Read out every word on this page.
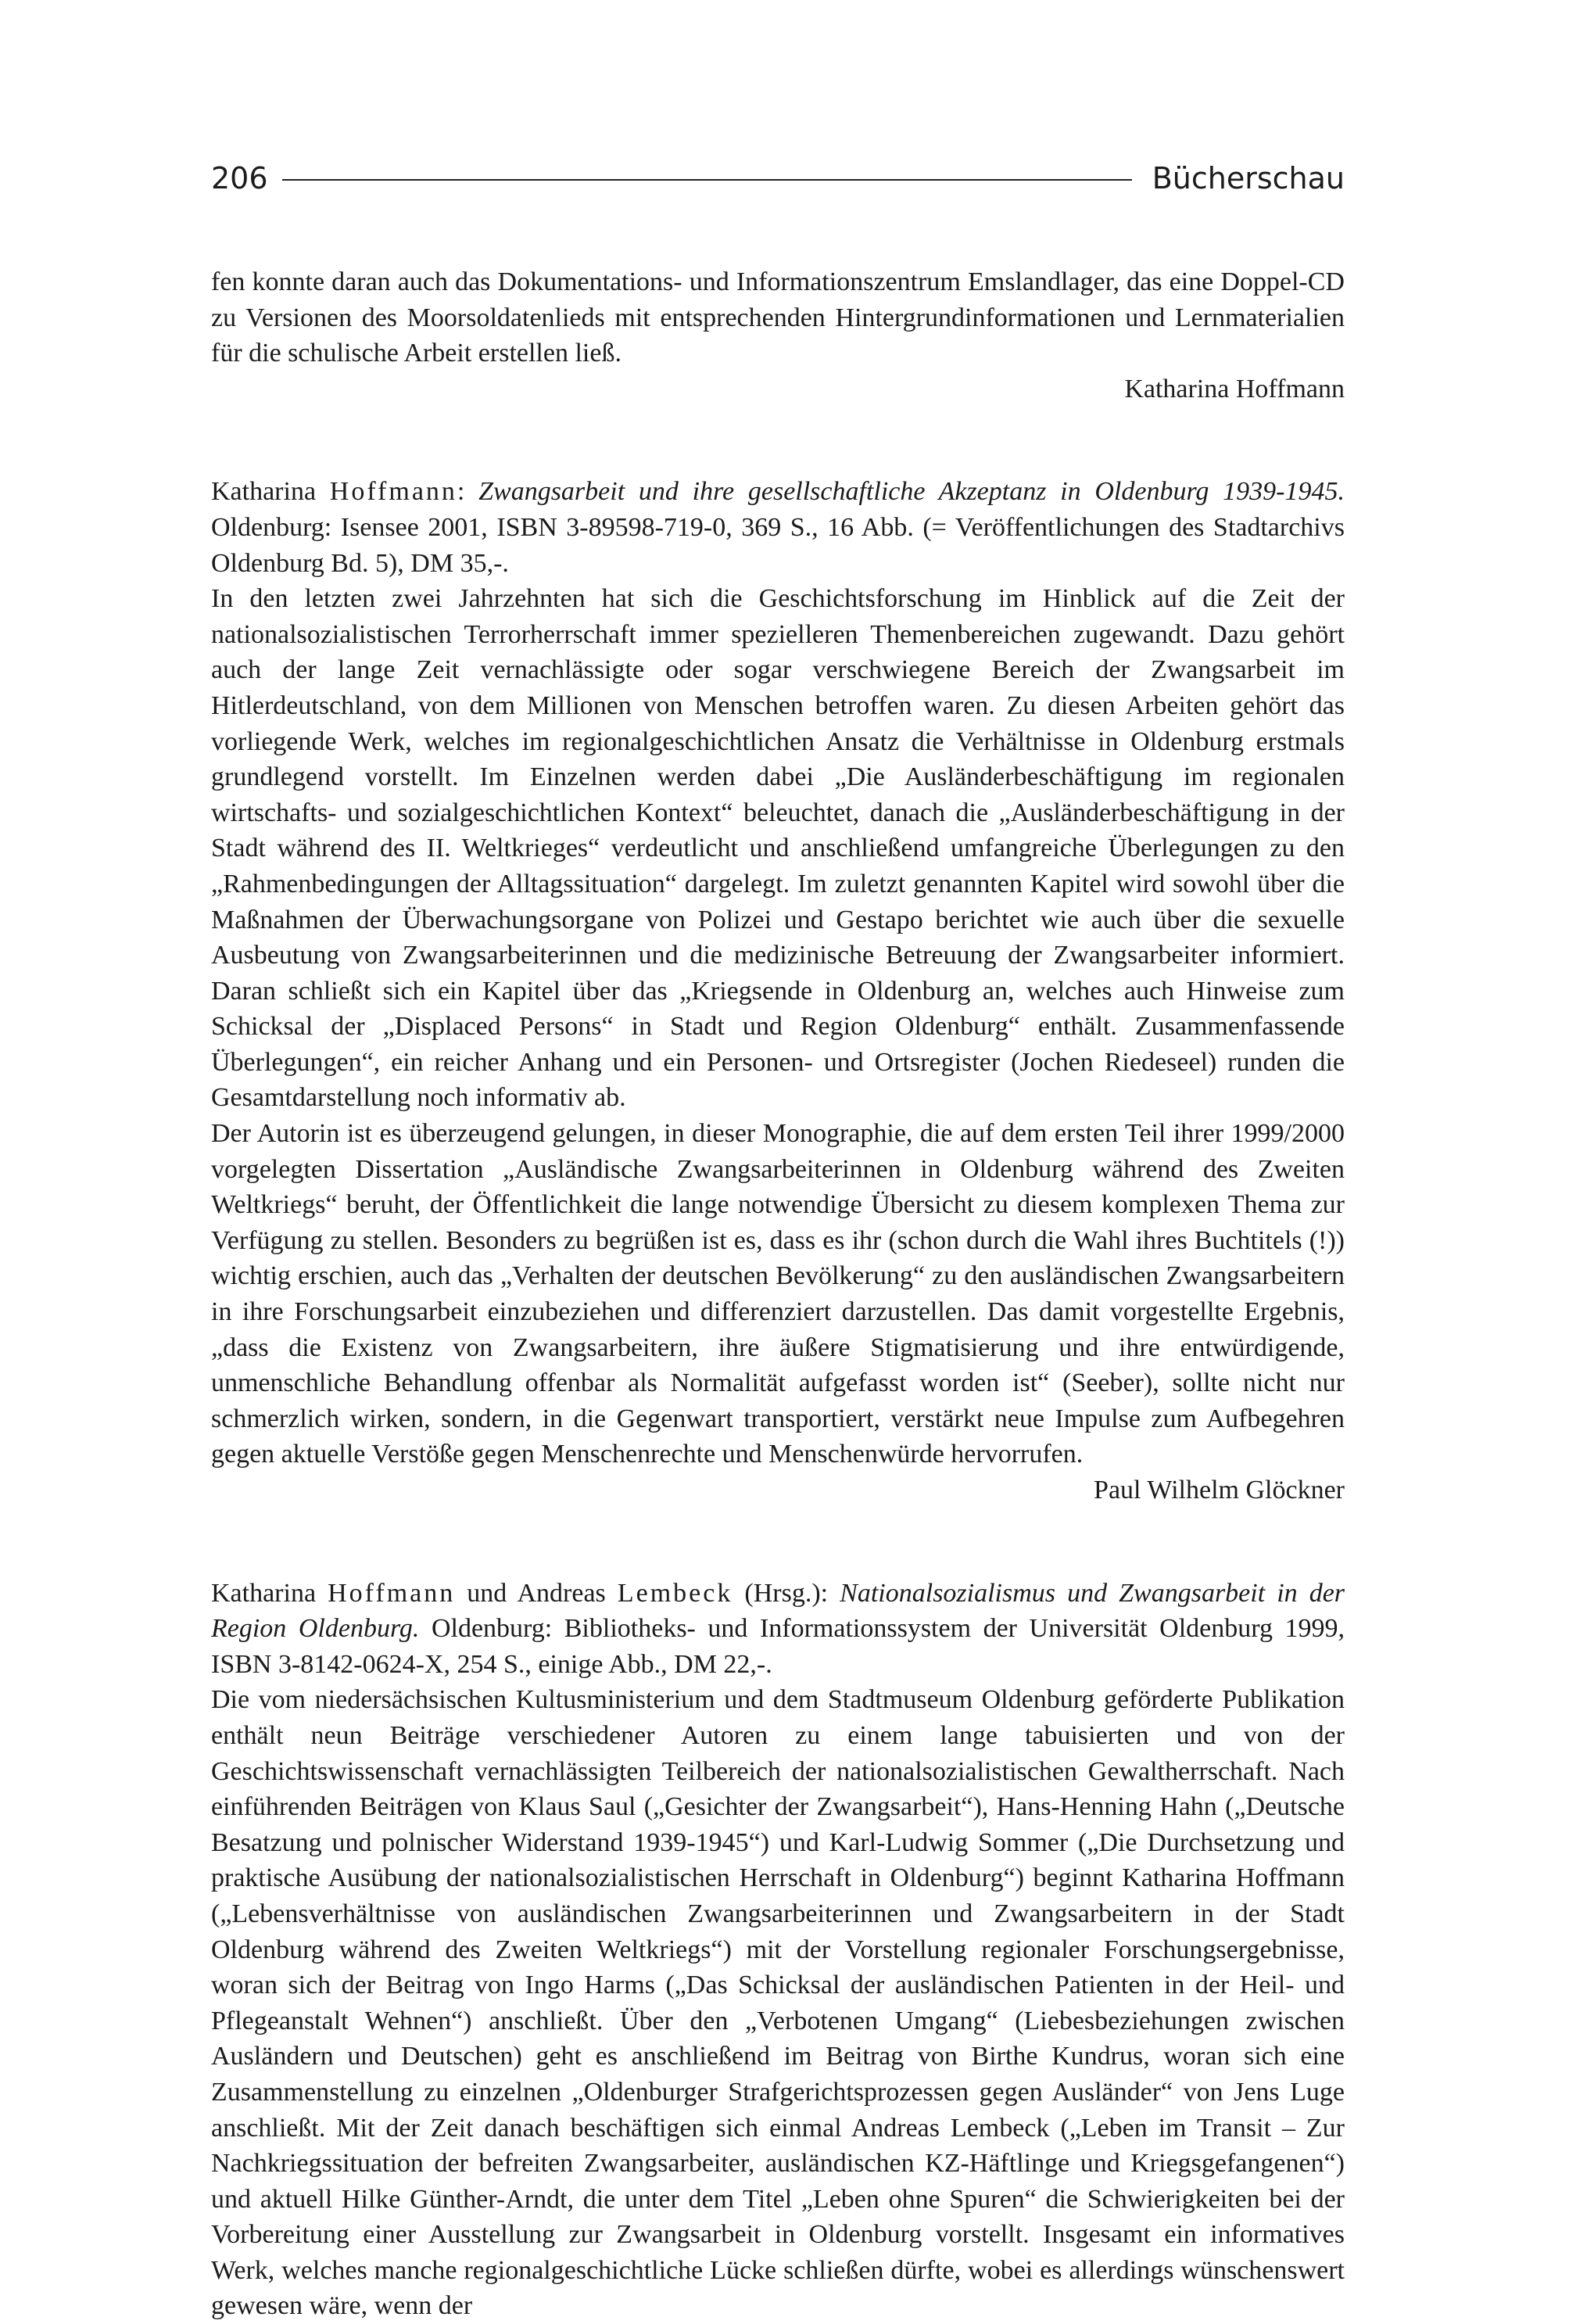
206	Bücherschau

fen konnte daran auch das Dokumentations- und Informationszentrum Emslandlager, das eine Doppel-CD zu Versionen des Moorsoldatenlieds mit entsprechenden Hintergrundinformationen und Lernmaterialien für die schulische Arbeit erstellen ließ.

Katharina Hoffmann

Katharina Hoffmann: Zwangsarbeit und ihre gesellschaftliche Akzeptanz in Oldenburg 1939-1945. Oldenburg: Isensee 2001, ISBN 3-89598-719-0, 369 S., 16 Abb. (= Veröffentlichungen des Stadtarchivs Oldenburg Bd. 5), DM 35,-.

In den letzten zwei Jahrzehnten hat sich die Geschichtsforschung im Hinblick auf die Zeit der nationalsozialistischen Terrorherrschaft immer spezielleren Themenbereichen zugewandt. Dazu gehört auch der lange Zeit vernachlässigte oder sogar verschwiegene Bereich der Zwangsarbeit im Hitlerdeutschland, von dem Millionen von Menschen betroffen waren. Zu diesen Arbeiten gehört das vorliegende Werk, welches im regionalgeschichtlichen Ansatz die Verhältnisse in Oldenburg erstmals grundlegend vorstellt. Im Einzelnen werden dabei „Die Ausländerbeschäftigung im regionalen wirtschafts- und sozialgeschichtlichen Kontext“ beleuchtet, danach die „Ausländerbeschäftigung in der Stadt während des II. Weltkrieges“ verdeutlicht und anschließend umfangreiche Überlegungen zu den „Rahmenbedingungen der Alltagssituation“ dargelegt. Im zuletzt genannten Kapitel wird sowohl über die Maßnahmen der Überwachungsorgane von Polizei und Gestapo berichtet wie auch über die sexuelle Ausbeutung von Zwangsarbeiterinnen und die medizinische Betreuung der Zwangsarbeiter informiert. Daran schließt sich ein Kapitel über das „Kriegsende in Oldenburg an, welches auch Hinweise zum Schicksal der „Displaced Persons“ in Stadt und Region Oldenburg“ enthält. Zusammenfassende Überlegungen“, ein reicher Anhang und ein Personen- und Ortsregister (Jochen Riedeseel) runden die Gesamtdarstellung noch informativ ab.

Der Autorin ist es überzeugend gelungen, in dieser Monographie, die auf dem ersten Teil ihrer 1999/2000 vorgelegten Dissertation „Ausländische Zwangsarbeiterinnen in Oldenburg während des Zweiten Weltkriegs“ beruht, der Öffentlichkeit die lange notwendige Übersicht zu diesem komplexen Thema zur Verfügung zu stellen. Besonders zu begrüßen ist es, dass es ihr (schon durch die Wahl ihres Buchtitels (!)) wichtig erschien, auch das „Verhalten der deutschen Bevölkerung“ zu den ausländischen Zwangsarbeitern in ihre Forschungsarbeit einzubeziehen und differenziert darzustellen. Das damit vorgestellte Ergebnis, „dass die Existenz von Zwangsarbeitern, ihre äußere Stigmatisierung und ihre entwürdigende, unmenschliche Behandlung offenbar als Normalität aufgefasst worden ist“ (Seeber), sollte nicht nur schmerzlich wirken, sondern, in die Gegenwart transportiert, verstärkt neue Impulse zum Aufbegehren gegen aktuelle Verstöße gegen Menschenrechte und Menschenwürde hervorrufen.

Paul Wilhelm Glöckner

Katharina Hoffmann und Andreas Lembeck (Hrsg.): Nationalsozialismus und Zwangsarbeit in der Region Oldenburg. Oldenburg: Bibliotheks- und Informationssystem der Universität Oldenburg 1999, ISBN 3-8142-0624-X, 254 S., einige Abb., DM 22,-.

Die vom niedersächsischen Kultusministerium und dem Stadtmuseum Oldenburg geförderte Publikation enthält neun Beiträge verschiedener Autoren zu einem lange tabuisierten und von der Geschichtswissenschaft vernachlässigten Teilbereich der nationalsozialistischen Gewaltherrschaft. Nach einführenden Beiträgen von Klaus Saul („Gesichter der Zwangsarbeit“), Hans-Henning Hahn („Deutsche Besatzung und polnischer Widerstand 1939-1945“) und Karl-Ludwig Sommer („Die Durchsetzung und praktische Ausübung der nationalsozialistischen Herrschaft in Oldenburg“) beginnt Katharina Hoffmann („Lebensverhältnisse von ausländischen Zwangsarbeiterinnen und Zwangsarbeitern in der Stadt Oldenburg während des Zweiten Weltkriegs“) mit der Vorstellung regionaler Forschungsergebnisse, woran sich der Beitrag von Ingo Harms („Das Schicksal der ausländischen Patienten in der Heil- und Pflegeanstalt Wehnen“) anschließt. Über den „Verbotenen Umgang“ (Liebesbeziehungen zwischen Ausländern und Deutschen) geht es anschließend im Beitrag von Birthe Kundrus, woran sich eine Zusammenstellung zu einzelnen „Oldenburger Strafgerichtsprozessen gegen Ausländer“ von Jens Luge anschließt. Mit der Zeit danach beschäftigen sich einmal Andreas Lembeck („Leben im Transit – Zur Nachkriegssituation der befreiten Zwangsarbeiter, ausländischen KZ-Häftlinge und Kriegsgefangenen“) und aktuell Hilke Günther-Arndt, die unter dem Titel „Leben ohne Spuren“ die Schwierigkeiten bei der Vorbereitung einer Ausstellung zur Zwangsarbeit in Oldenburg vorstellt. Insgesamt ein informatives Werk, welches manche regionalgeschichtliche Lücke schließen dürfte, wobei es allerdings wünschenswert gewesen wäre, wenn der
